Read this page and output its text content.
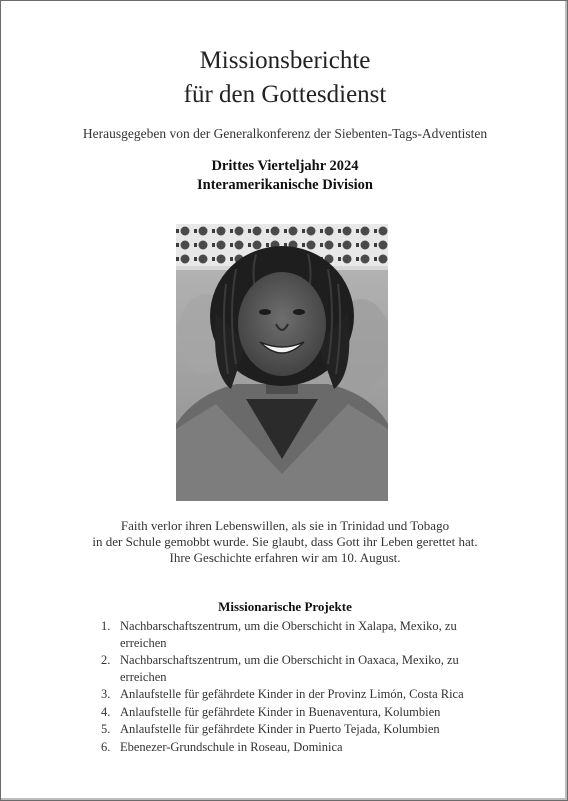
Missionsberichte
für den Gottesdienst
Herausgegeben von der Generalkonferenz der Siebenten-Tags-Adventisten
Drittes Vierteljahr 2024
Interamerikanische Division
Faith verlor ihren Lebenswillen, als sie in Trinidad und Tobago
in der Schule gemobbt wurde. Sie glaubt, dass Gott ihr Leben gerettet hat.
Ihre Geschichte erfahren wir am 10. August.
Missionarische Projekte
1. Nachbarschaftszentrum, um die Oberschicht in Xalapa, Mexiko, zu erreichen
2. Nachbarschaftszentrum, um die Oberschicht in Oaxaca, Mexiko, zu erreichen
3. Anlaufstelle für gefährdete Kinder in der Provinz Limón, Costa Rica
4. Anlaufstelle für gefährdete Kinder in Buenaventura, Kolumbien
5. Anlaufstelle für gefährdete Kinder in Puerto Tejada, Kolumbien
6. Ebenezer-Grundschule in Roseau, Dominica
